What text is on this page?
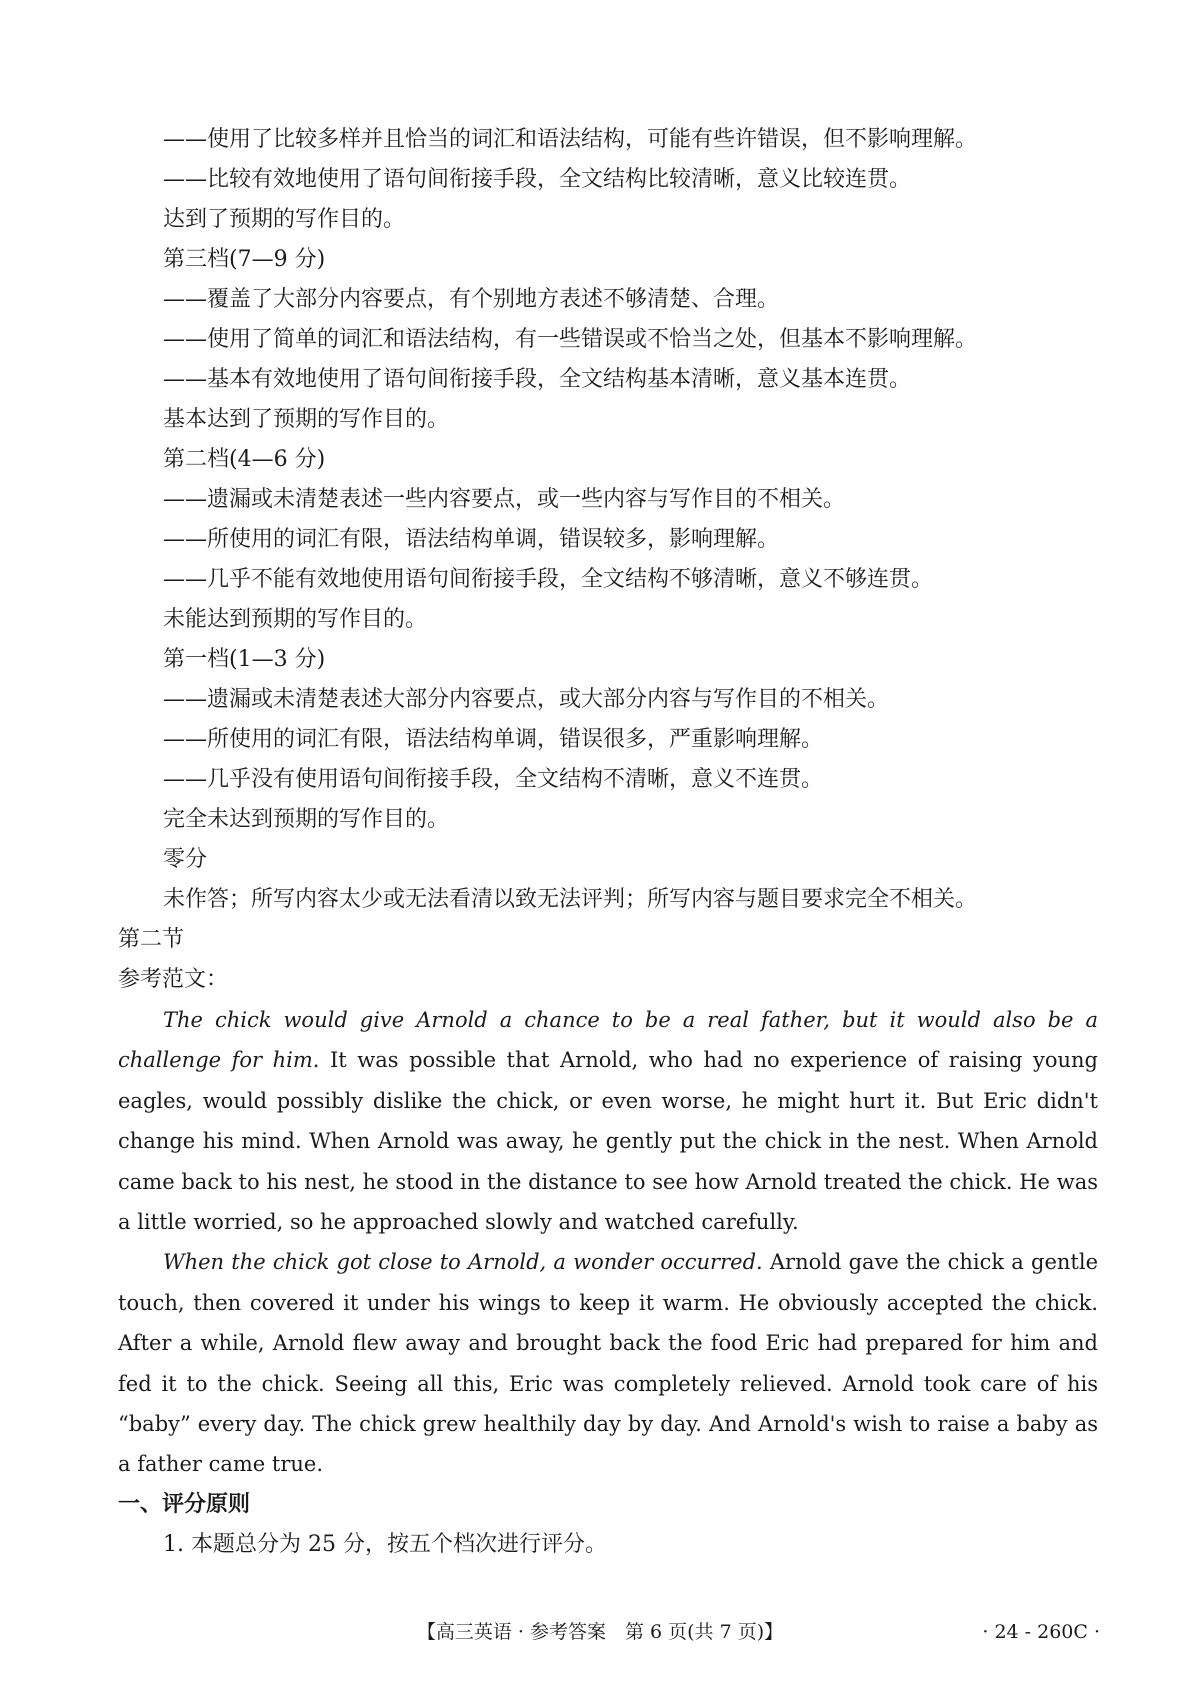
——使用了比较多样并且恰当的词汇和语法结构，可能有些许错误，但不影响理解。
——比较有效地使用了语句间衔接手段，全文结构比较清晰，意义比较连贯。
达到了预期的写作目的。
第三档(7—9 分)
——覆盖了大部分内容要点，有个别地方表述不够清楚、合理。
——使用了简单的词汇和语法结构，有一些错误或不恰当之处，但基本不影响理解。
——基本有效地使用了语句间衔接手段，全文结构基本清晰，意义基本连贯。
基本达到了预期的写作目的。
第二档(4—6 分)
——遗漏或未清楚表述一些内容要点，或一些内容与写作目的不相关。
——所使用的词汇有限，语法结构单调，错误较多，影响理解。
——几乎不能有效地使用语句间衔接手段，全文结构不够清晰，意义不够连贯。
未能达到预期的写作目的。
第一档(1—3 分)
——遗漏或未清楚表述大部分内容要点，或大部分内容与写作目的不相关。
——所使用的词汇有限，语法结构单调，错误很多，严重影响理解。
——几乎没有使用语句间衔接手段，全文结构不清晰，意义不连贯。
完全未达到预期的写作目的。
零分
未作答；所写内容太少或无法看清以致无法评判；所写内容与题目要求完全不相关。
第二节
参考范文：

The chick would give Arnold a chance to be a real father, but it would also be a challenge for him. It was possible that Arnold, who had no experience of raising young eagles, would possibly dislike the chick, or even worse, he might hurt it. But Eric didn't change his mind. When Arnold was away, he gently put the chick in the nest. When Arnold came back to his nest, he stood in the distance to see how Arnold treated the chick. He was a little worried, so he approached slowly and watched carefully.

When the chick got close to Arnold, a wonder occurred. Arnold gave the chick a gentle touch, then covered it under his wings to keep it warm. He obviously accepted the chick. After a while, Arnold flew away and brought back the food Eric had prepared for him and fed it to the chick. Seeing all this, Eric was completely relieved. Arnold took care of his “baby” every day. The chick grew healthily day by day. And Arnold's wish to raise a baby as a father came true.

一、评分原则
1. 本题总分为 25 分，按五个档次进行评分。
【高三英语 · 参考答案　第 6 页(共 7 页)】	· 24 - 260C ·
